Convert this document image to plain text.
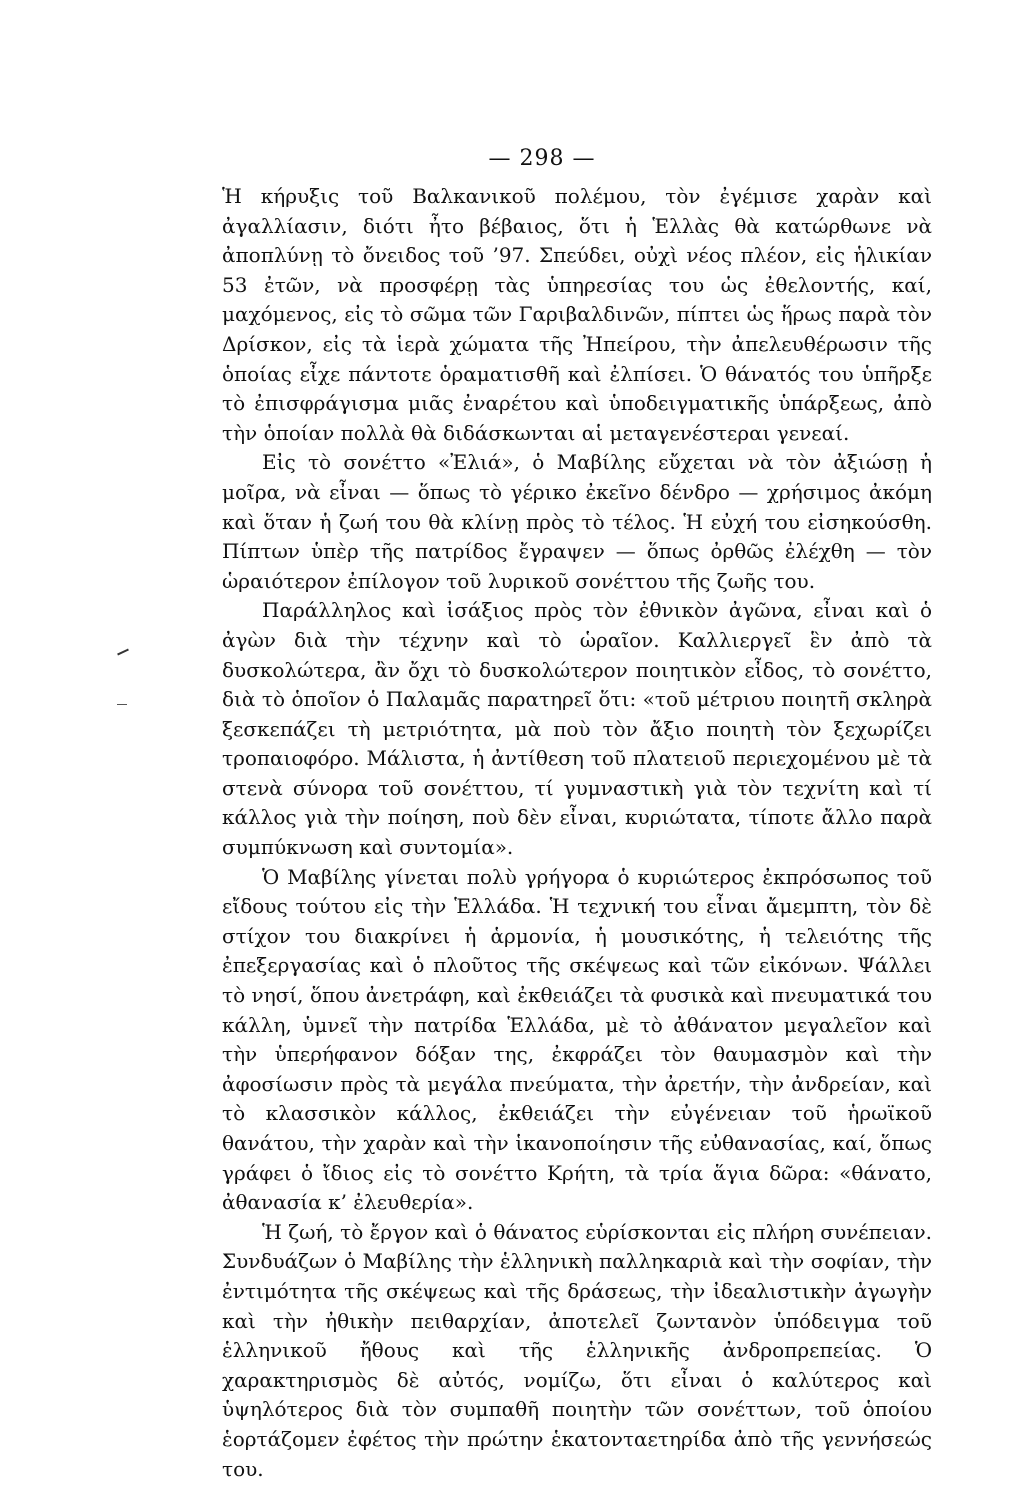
— 298 —

Ἡ κήρυξις τοῦ Βαλκανικοῦ πολέμου, τὸν ἐγέμισε χαρὰν καὶ ἀγαλλίασιν, διότι ἦτο βέβαιος, ὅτι ἡ Ἑλλὰς θὰ κατώρθωνε νὰ ἀποπλύνῃ τὸ ὄνειδος τοῦ ’97. Σπεύδει, οὐχὶ νέος πλέον, εἰς ἡλικίαν 53 ἐτῶν, νὰ προσφέρῃ τὰς ὑπηρεσίας του ὡς ἐθελοντής, καί, μαχόμενος, εἰς τὸ σῶμα τῶν Γαριβαλδινῶν, πίπτει ὡς ἥρως παρὰ τὸν Δρίσκον, εἰς τὰ ἱερὰ χώματα τῆς Ἠπείρου, τὴν ἀπελευθέρωσιν τῆς ὁποίας εἶχε πάντοτε ὁραματισθῆ καὶ ἐλπίσει. Ὁ θάνατός του ὑπῆρξε τὸ ἐπισφράγισμα μιᾶς ἐναρέτου καὶ ὑποδειγματικῆς ὑπάρξεως, ἀπὸ τὴν ὁποίαν πολλὰ θὰ διδάσκωνται αἱ μεταγενέστεραι γενεαί.

Εἰς τὸ σονέττο «Ἐλιά», ὁ Μαβίλης εὔχεται νὰ τὸν ἀξιώσῃ ἡ μοῖρα, νὰ εἶναι — ὅπως τὸ γέρικο ἐκεῖνο δένδρο — χρήσιμος ἀκόμη καὶ ὅταν ἡ ζωή του θὰ κλίνῃ πρὸς τὸ τέλος. Ἡ εὐχή του εἰσηκούσθη. Πίπτων ὑπὲρ τῆς πατρίδος ἔγραψεν — ὅπως ὀρθῶς ἐλέχθη — τὸν ὡραιότερον ἐπίλογον τοῦ λυρικοῦ σονέττου τῆς ζωῆς του.

Παράλληλος καὶ ἰσάξιος πρὸς τὸν ἐθνικὸν ἀγῶνα, εἶναι καὶ ὁ ἀγὼν διὰ τὴν τέχνην καὶ τὸ ὡραῖον. Καλλιεργεῖ ἓν ἀπὸ τὰ δυσκολώτερα, ἂν ὄχι τὸ δυσκολώτερον ποιητικὸν εἶδος, τὸ σονέττο, διὰ τὸ ὁποῖον ὁ Παλαμᾶς παρατηρεῖ ὅτι: «τοῦ μέτριου ποιητῆ σκληρὰ ξεσκεπάζει τὴ μετριότητα, μὰ ποὺ τὸν ἄξιο ποιητὴ τὸν ξεχωρίζει τροπαιοφόρο. Μάλιστα, ἡ ἀντίθεση τοῦ πλατειοῦ περιεχομένου μὲ τὰ στενὰ σύνορα τοῦ σονέττου, τί γυμναστικὴ γιὰ τὸν τεχνίτη καὶ τί κάλλος γιὰ τὴν ποίηση, ποὺ δὲν εἶναι, κυριώτατα, τίποτε ἄλλο παρὰ συμπύκνωση καὶ συντομία».

Ὁ Μαβίλης γίνεται πολὺ γρήγορα ὁ κυριώτερος ἐκπρόσωπος τοῦ εἴδους τούτου εἰς τὴν Ἑλλάδα. Ἡ τεχνική του εἶναι ἄμεμπτη, τὸν δὲ στίχον του διακρίνει ἡ ἁρμονία, ἡ μουσικότης, ἡ τελειότης τῆς ἐπεξεργασίας καὶ ὁ πλοῦτος τῆς σκέψεως καὶ τῶν εἰκόνων. Ψάλλει τὸ νησί, ὅπου ἀνετράφη, καὶ ἐκθειάζει τὰ φυσικὰ καὶ πνευματικά του κάλλη, ὑμνεῖ τὴν πατρίδα Ἑλλάδα, μὲ τὸ ἀθάνατον μεγαλεῖον καὶ τὴν ὑπερήφανον δόξαν της, ἐκφράζει τὸν θαυμασμὸν καὶ τὴν ἀφοσίωσιν πρὸς τὰ μεγάλα πνεύματα, τὴν ἀρετήν, τὴν ἀνδρείαν, καὶ τὸ κλασσικὸν κάλλος, ἐκθειάζει τὴν εὐγένειαν τοῦ ἡρωϊκοῦ θανάτου, τὴν χαρὰν καὶ τὴν ἱκανοποίησιν τῆς εὐθανασίας, καί, ὅπως γράφει ὁ ἴδιος εἰς τὸ σονέττο Κρήτη, τὰ τρία ἅγια δῶρα: «θάνατο, ἀθανασία κ’ ἐλευθερία».

Ἡ ζωή, τὸ ἔργον καὶ ὁ θάνατος εὑρίσκονται εἰς πλήρη συνέπειαν. Συνδυάζων ὁ Μαβίλης τὴν ἑλληνικὴ παλληκαριὰ καὶ τὴν σοφίαν, τὴν ἐντιμότητα τῆς σκέψεως καὶ τῆς δράσεως, τὴν ἰδεαλιστικὴν ἀγωγὴν καὶ τὴν ἠθικὴν πειθαρχίαν, ἀποτελεῖ ζωντανὸν ὑπόδειγμα τοῦ ἑλληνικοῦ ἤθους καὶ τῆς ἑλληνικῆς ἀνδροπρεπείας. Ὁ χαρακτηρισμὸς δὲ αὐτός, νομίζω, ὅτι εἶναι ὁ καλύτερος καὶ ὑψηλότερος διὰ τὸν συμπαθῆ ποιητὴν τῶν σονέττων, τοῦ ὁποίου ἑορτάζομεν ἐφέτος τὴν πρώτην ἑκατονταετηρίδα ἀπὸ τῆς γεννήσεώς του.
